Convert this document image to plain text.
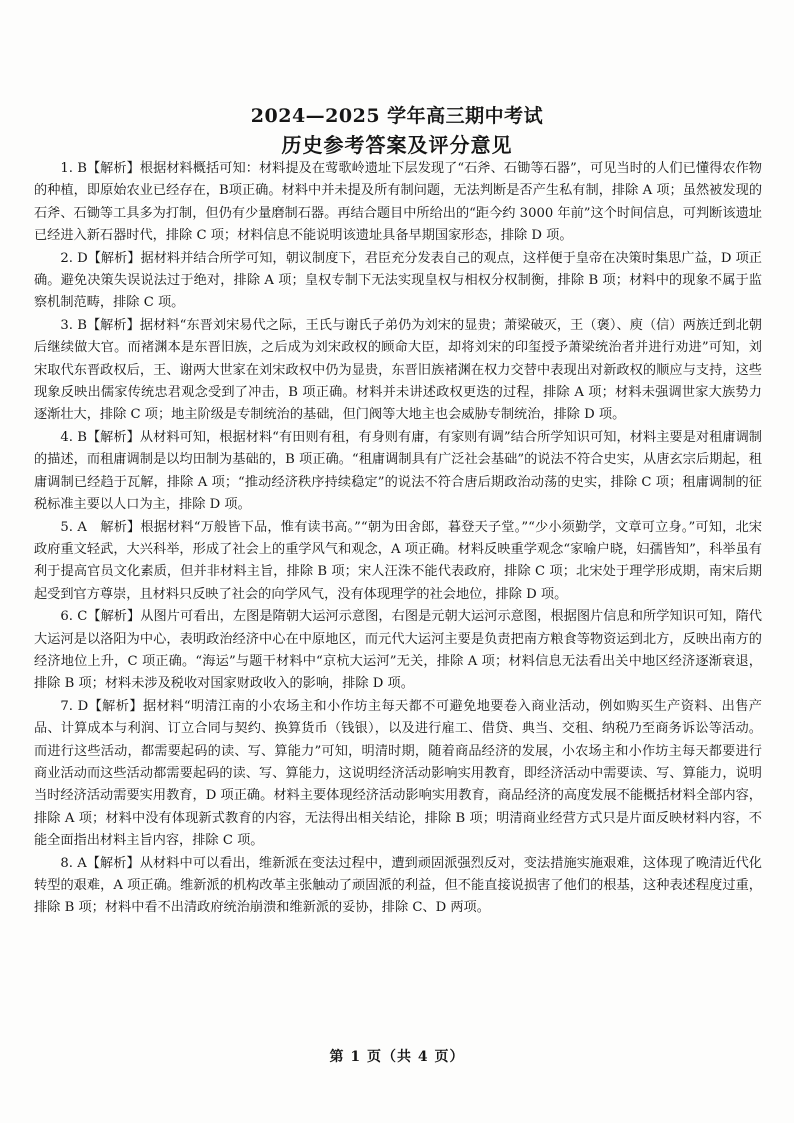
2024—2025 学年高三期中考试
历史参考答案及评分意见

1. B【解析】根据材料概括可知：材料提及在莺歌岭遗址下层发现了“石斧、石锄等石器”，可见当时的人们已懂得农作物的种植，即原始农业已经存在，B项正确。材料中并未提及所有制问题，无法判断是否产生私有制，排除 A 项；虽然被发现的石斧、石锄等工具多为打制，但仍有少量磨制石器。再结合题目中所给出的“距今约 3000 年前”这个时间信息，可判断该遗址已经进入新石器时代，排除 C 项；材料信息不能说明该遗址具备早期国家形态，排除 D 项。

2. D【解析】据材料并结合所学可知，朝议制度下，君臣充分发表自己的观点，这样便于皇帝在决策时集思广益，D 项正确。避免决策失误说法过于绝对，排除 A 项；皇权专制下无法实现皇权与相权分权制衡，排除 B 项；材料中的现象不属于监察机制范畴，排除 C 项。

3. B【解析】据材料“东晋刘宋易代之际，王氏与谢氏子弟仍为刘宋的显贵；萧梁破灭，王（褒）、庾（信）两族迁到北朝后继续做大官。而褚渊本是东晋旧族，之后成为刘宋政权的顾命大臣，却将刘宋的印玺授予萧梁统治者并进行劝进”可知，刘宋取代东晋政权后，王、谢两大世家在刘宋政权中仍为显贵，东晋旧族褚渊在权力交替中表现出对新政权的顺应与支持，这些现象反映出儒家传统忠君观念受到了冲击，B 项正确。材料并未讲述政权更迭的过程，排除 A 项；材料未强调世家大族势力逐渐壮大，排除 C 项；地主阶级是专制统治的基础，但门阀等大地主也会威胁专制统治，排除 D 项。

4. B【解析】从材料可知，根据材料“有田则有租，有身则有庸，有家则有调”结合所学知识可知，材料主要是对租庸调制的描述，而租庸调制是以均田制为基础的，B 项正确。“租庸调制具有广泛社会基础”的说法不符合史实，从唐玄宗后期起，租庸调制已经趋于瓦解，排除 A 项；“推动经济秩序持续稳定”的说法不符合唐后期政治动荡的史实，排除 C 项；租庸调制的征税标准主要以人口为主，排除 D 项。

5. A　解析】根据材料“万般皆下品，惟有读书高。”“朝为田舍郎，暮登天子堂。”“少小须勤学，文章可立身。”可知，北宋政府重文轻武，大兴科举，形成了社会上的重学风气和观念，A 项正确。材料反映重学观念“家喻户晓，妇孺皆知”，科举虽有利于提高官员文化素质，但并非材料主旨，排除 B 项；宋人汪洙不能代表政府，排除 C 项；北宋处于理学形成期，南宋后期起受到官方尊崇，且材料只反映了社会的向学风气，没有体现理学的社会地位，排除 D 项。

6. C【解析】从图片可看出，左图是隋朝大运河示意图，右图是元朝大运河示意图，根据图片信息和所学知识可知，隋代大运河是以洛阳为中心，表明政治经济中心在中原地区，而元代大运河主要是负责把南方粮食等物资运到北方，反映出南方的经济地位上升，C 项正确。“海运”与题干材料中“京杭大运河”无关，排除 A 项；材料信息无法看出关中地区经济逐渐衰退，排除 B 项；材料未涉及税收对国家财政收入的影响，排除 D 项。

7. D【解析】据材料“明清江南的小农场主和小作坊主每天都不可避免地要卷入商业活动，例如购买生产资料、出售产品、计算成本与利润、订立合同与契约、换算货币（钱银），以及进行雇工、借贷、典当、交租、纳税乃至商务诉讼等活动。而进行这些活动，都需要起码的读、写、算能力”可知，明清时期，随着商品经济的发展，小农场主和小作坊主每天都要进行商业活动而这些活动都需要起码的读、写、算能力，这说明经济活动影响实用教育，即经济活动中需要读、写、算能力，说明当时经济活动需要实用教育，D 项正确。材料主要体现经济活动影响实用教育，商品经济的高度发展不能概括材料全部内容，排除 A 项；材料中没有体现新式教育的内容，无法得出相关结论，排除 B 项；明清商业经营方式只是片面反映材料内容，不能全面指出材料主旨内容，排除 C 项。

8. A【解析】从材料中可以看出，维新派在变法过程中，遭到顽固派强烈反对，变法措施实施艰难，这体现了晚清近代化转型的艰难，A 项正确。维新派的机构改革主张触动了顽固派的利益，但不能直接说损害了他们的根基，这种表述程度过重，排除 B 项；材料中看不出清政府统治崩溃和维新派的妥协，排除 C、D 两项。

第 1 页（共 4 页）
